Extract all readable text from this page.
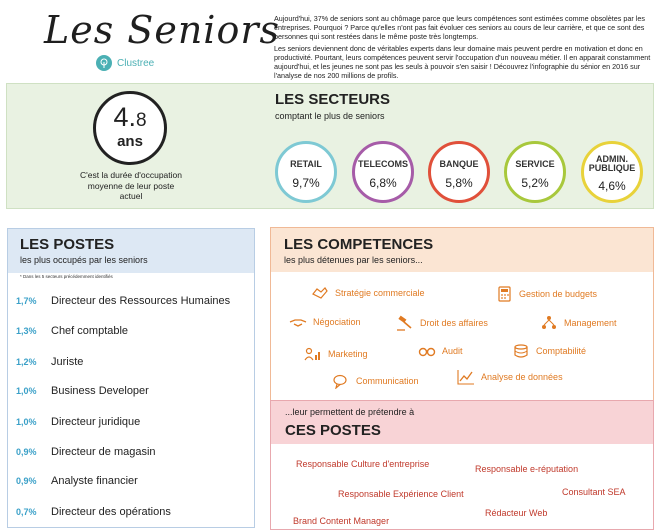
Les Seniors
Clustree

Aujourd'hui, 37% de seniors sont au chômage parce que leurs compétences sont estimées comme obsolètes par les entreprises. Pourquoi ? Parce qu'elles n'ont pas fait évoluer ces seniors au cours de leur carrière, et que ce sont des personnes qui sont restées dans le même poste très longtemps.

Les seniors deviennent donc de véritables experts dans leur domaine mais peuvent perdre en motivation et donc en productivité. Pourtant, leurs compétences peuvent servir l'occupation d'un nouveau métier. Il en apparait constamment aujourd'hui, et les jeunes ne sont pas les seuls à pouvoir s'en saisir ! Découvrez l'infographie du sénior en 2016 sur l'analyse de nos 200 millions de profils.

4.8
ans
C'est la durée d'occupation moyenne de leur poste actuel
LES SECTEURS
comptant le plus de seniors
RETAIL
9,7%
TELECOMS
6,8%
BANQUE
5,8%
SERVICE
5,2%
ADMIN. PUBLIQUE
4,6%
LES POSTES
les plus occupés par les seniors
* Dans les 5 secteurs précédemment identifiés
1,7%	Directeur des Ressources Humaines
1,3%	Chef comptable
1,2%	Juriste
1,0%	Business Developer
1,0%	Directeur juridique
0,9%	Directeur de magasin
0,9%	Analyste financier
0,7%	Directeur des opérations
LES COMPETENCES
les plus détenues par les seniors...
Stratégie commerciale	Gestion de budgets
Négociation	Droit des affaires	Management
Marketing	Audit	Comptabilité
Communication	Analyse de données
...leur permettent de prétendre à
CES POSTES
Responsable Culture d'entreprise	Responsable e-réputation
Responsable Expérience Client	Consultant SEA
Brand Content Manager
Rédacteur Web
